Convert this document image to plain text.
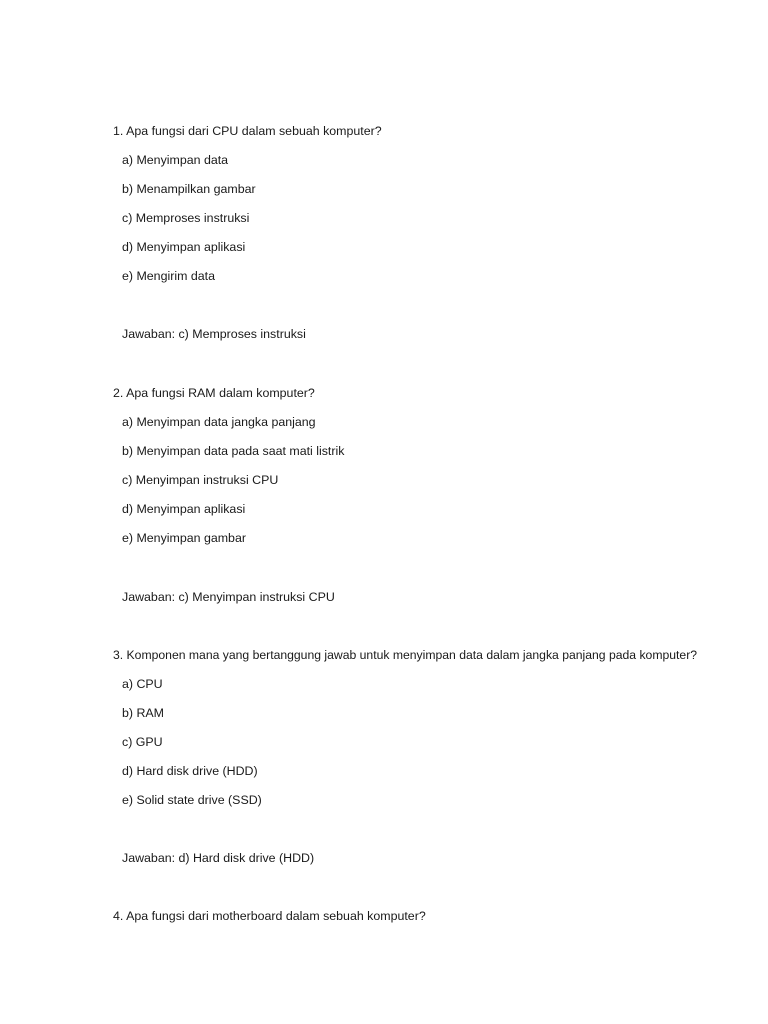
1. Apa fungsi dari CPU dalam sebuah komputer?
a) Menyimpan data
b) Menampilkan gambar
c) Memproses instruksi
d) Menyimpan aplikasi
e) Mengirim data
Jawaban: c) Memproses instruksi
2. Apa fungsi RAM dalam komputer?
a) Menyimpan data jangka panjang
b) Menyimpan data pada saat mati listrik
c) Menyimpan instruksi CPU
d) Menyimpan aplikasi
e) Menyimpan gambar
Jawaban: c) Menyimpan instruksi CPU
3. Komponen mana yang bertanggung jawab untuk menyimpan data dalam jangka panjang pada komputer?
a) CPU
b) RAM
c) GPU
d) Hard disk drive (HDD)
e) Solid state drive (SSD)
Jawaban: d) Hard disk drive (HDD)
4. Apa fungsi dari motherboard dalam sebuah komputer?
